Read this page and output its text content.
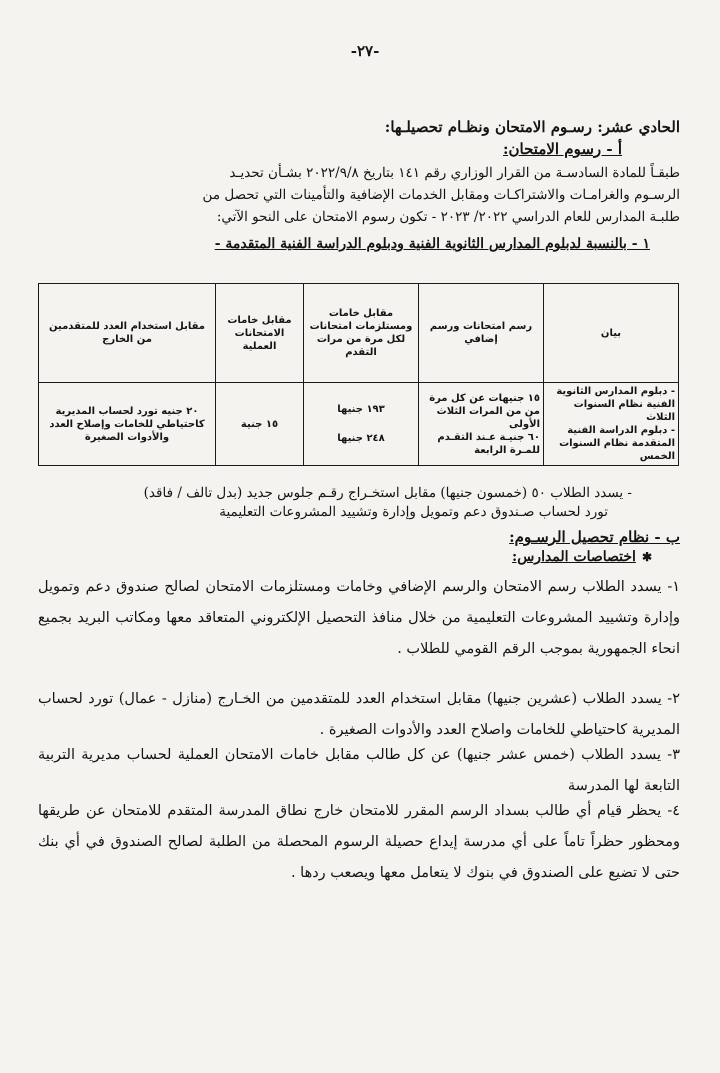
-٢٧-
الحادي عشر: رسـوم الامتحان ونظـام تحصيلـها:
أ - رسوم الامتحان:

طبقـاً للمادة السادسـة من القرار الوزاري رقم ١٤١ بتاريخ ٢٠٢٢/٩/٨ بشـأن تحديـد

الرسـوم والغرامـات والاشتراكـات ومقابل الخدمات الإضافية والتأمينات التي تحصل من

طلبـة المدارس للعام الدراسي ٢٠٢٢/ ٢٠٢٣ - تكون رسوم الامتحان على النحو الآتي:

١ - بالنسبة لدبلوم المدارس الثانوية الفنية ودبلوم الدراسة الفنية المتقدمة -
بيان	رسم امتحانات ورسم إضافي	مقابل خامات ومستلزمات امتحانات لكل مرة من مرات التقدم	مقابل خامات الامتحانات العملية	مقابل استخدام العدد للمتقدمين من الخارج

- دبلوم المدارس الثانوية الفنية نظام السنوات الثلاث
- دبلوم الدراسة الفنية المتقدمة نظام السنوات الخمس	١٥ جنيهات عن كل مرة من من المرات الثلاث الأولى
٦٠ جنيـة عـند التقـدم للمـرة الرابعة	١٩٣ جنيها
٢٤٨ جنيها	١٥ جنية	٢٠ جنيه تورد لحساب المديرية كاحتياطي للخامات وإصلاح العدد والأدوات الصغيرة
- يسدد الطلاب ٥٠ (خمسون جنيها) مقابل استخـراج رقـم جلوس جديد (بدل تالف / فاقد)
تورد لحساب صـندوق دعم وتمويل وإدارة وتشييد المشروعات التعليمية
ب - نظام تحصيل الرسـوم:
✱اختصاصات المدارس:
١- يسدد الطلاب رسم الامتحان والرسم الإضافي وخامات ومستلزمات الامتحان لصالح صندوق دعم وتمويل وإدارة وتشييد المشروعات التعليمية من خلال منافذ التحصيل الإلكتروني المتعاقد معها ومكاتب البريد بجميع انحاء الجمهورية بموجب الرقم القومي للطلاب .
٢- يسدد الطلاب (عشرين جنيها) مقابل استخدام العدد للمتقدمين من الخـارج (منازل - عمال) تورد لحساب المديرية كاحتياطي للخامات واصلاح العدد والأدوات الصغيرة .
٣- يسدد الطلاب (خمس عشر جنيها) عن كل طالب مقابل خامات الامتحان العملية لحساب مديرية التربية التابعة لها المدرسة
٤- يحظر قيام أي طالب بسداد الرسم المقرر للامتحان خارج نطاق المدرسة المتقدم للامتحان عن طريقها ومحظور حظراً تاماً على أي مدرسة إيداع حصيلة الرسوم المحصلة من الطلبة لصالح الصندوق في أي بنك حتى لا تضيع على الصندوق في بنوك لا يتعامل معها ويصعب ردها .
